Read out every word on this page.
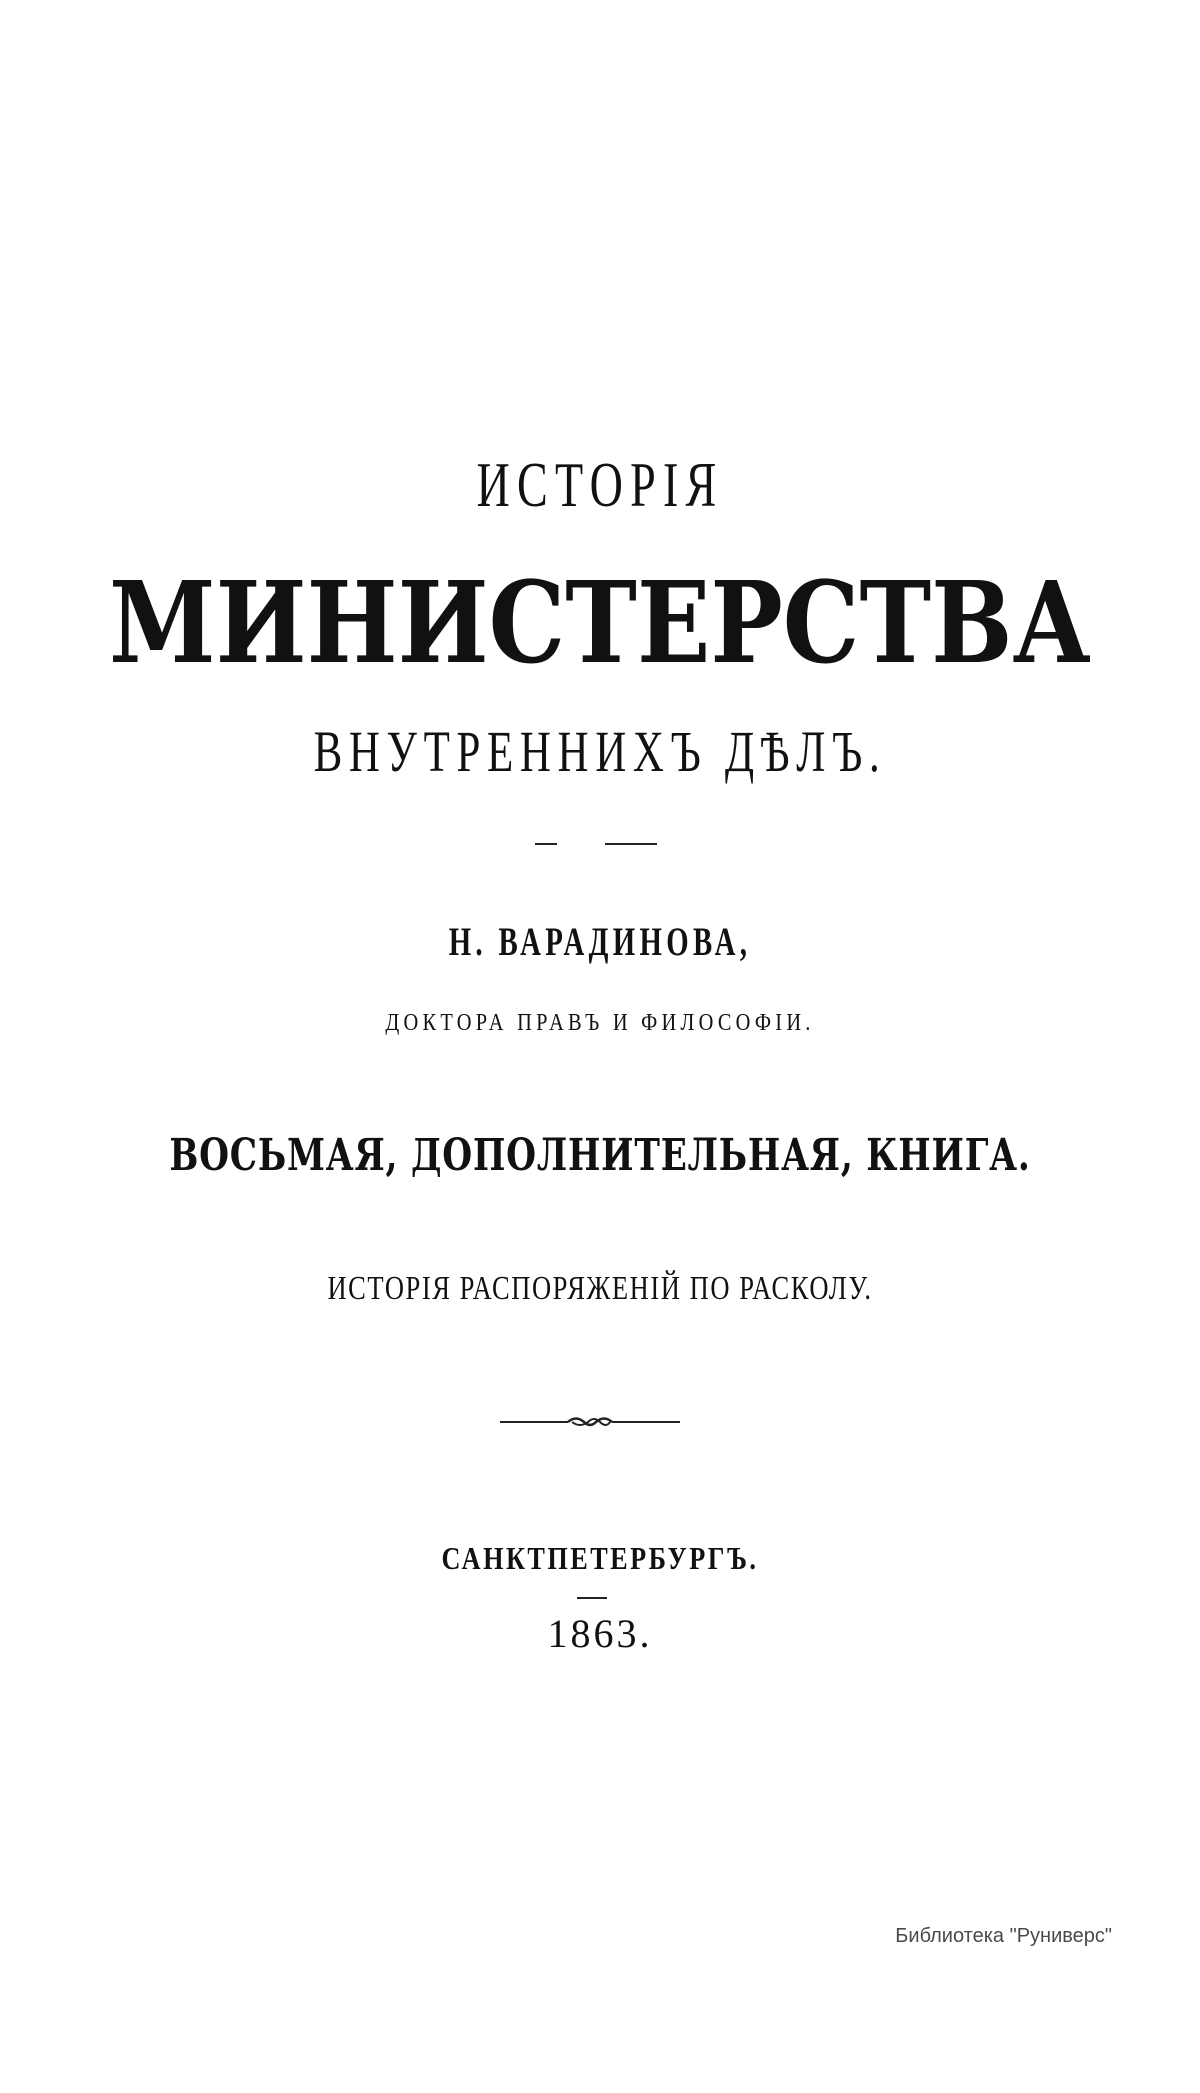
ИСТОРІЯ
МИНИСТЕРСТВА
ВНУТРЕННИХЪ ДѢЛЪ.
Н. ВАРАДИНОВА,
ДОКТОРА ПРАВЪ И ФИЛОСОФІИ.
ВОСЬМАЯ, ДОПОЛНИТЕЛЬНАЯ, КНИГА.
ИСТОРІЯ РАСПОРЯЖЕНІЙ ПО РАСКОЛУ.
САНКТПЕТЕРБУРГЪ.
1863.
Библиотека "Руниверс"
